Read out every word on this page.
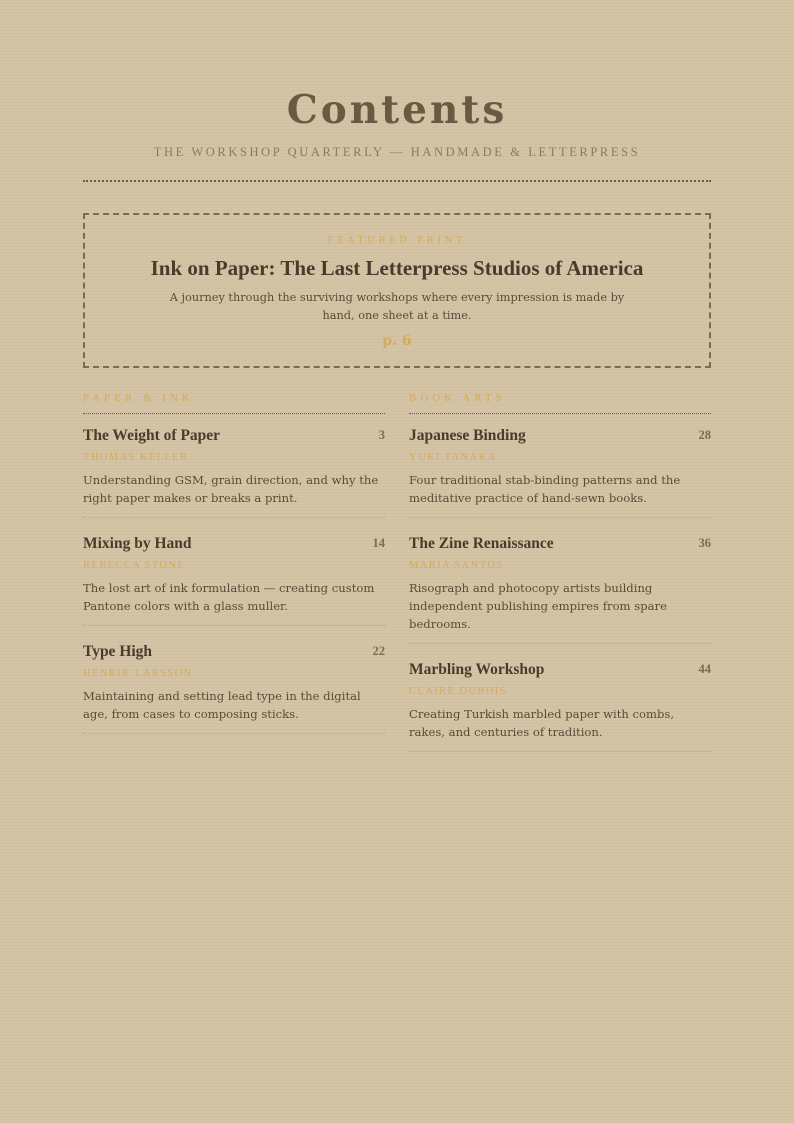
Contents
THE WORKSHOP QUARTERLY — HANDMADE & LETTERPRESS
FEATURED PRINT
Ink on Paper: The Last Letterpress Studios of America
A journey through the surviving workshops where every impression is made by hand, one sheet at a time.
p. 6
PAPER & INK
3
The Weight of Paper
THOMAS KELLER
Understanding GSM, grain direction, and why the right paper makes or breaks a print.
14
Mixing by Hand
REBECCA STONE
The lost art of ink formulation — creating custom Pantone colors with a glass muller.
22
Type High
HENRIK LARSSON
Maintaining and setting lead type in the digital age, from cases to composing sticks.
BOOK ARTS
28
Japanese Binding
YUKI TANAKA
Four traditional stab-binding patterns and the meditative practice of hand-sewn books.
36
The Zine Renaissance
MARIA SANTOS
Risograph and photocopy artists building independent publishing empires from spare bedrooms.
44
Marbling Workshop
CLAIRE DUBOIS
Creating Turkish marbled paper with combs, rakes, and centuries of tradition.
